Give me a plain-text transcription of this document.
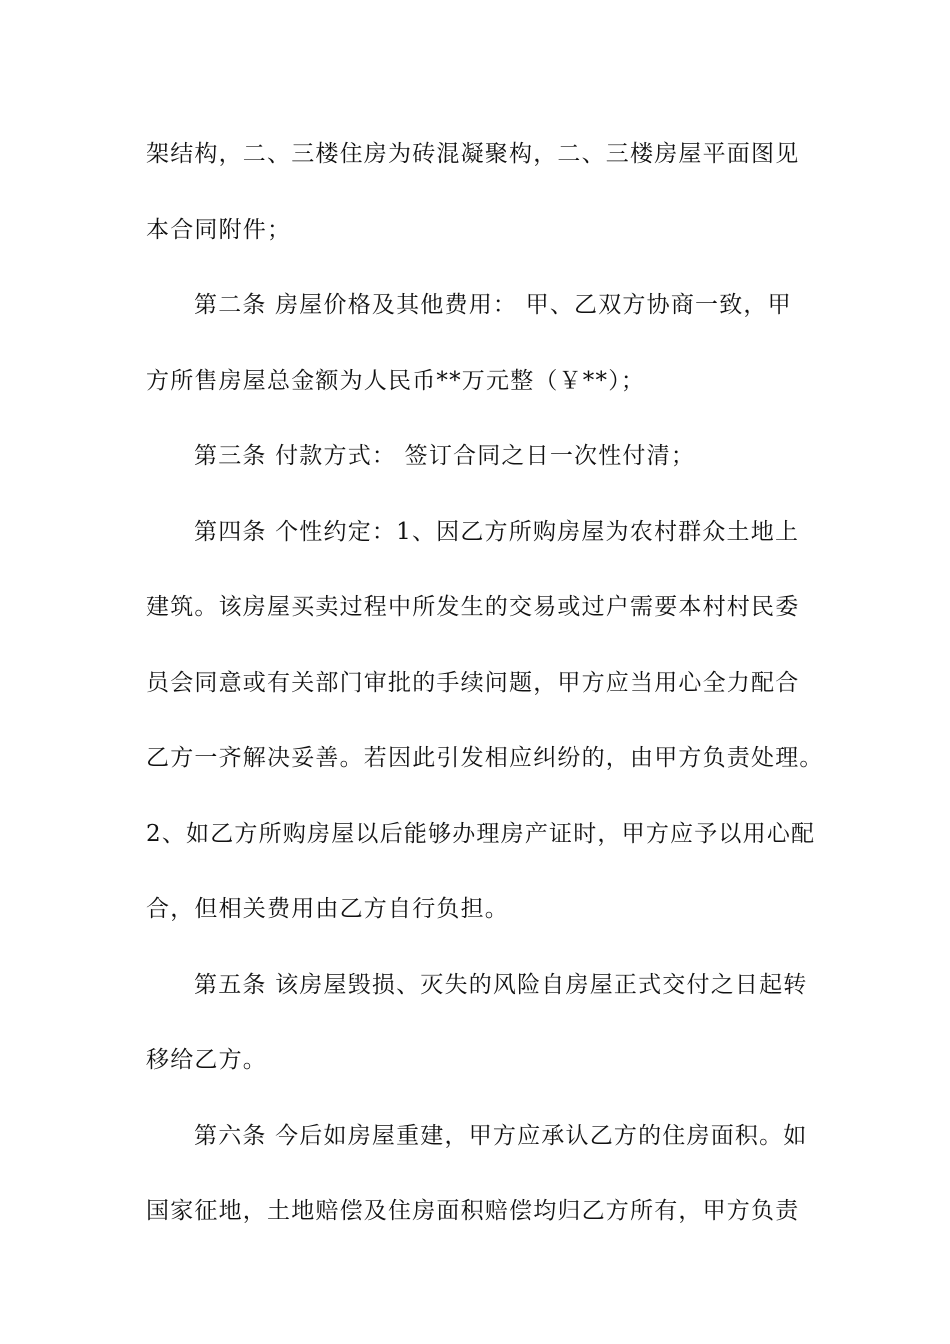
架结构，二、三楼住房为砖混凝聚构，二、三楼房屋平面图见
本合同附件；
第二条 房屋价格及其他费用： 甲、乙双方协商一致，甲
方所售房屋总金额为人民币**万元整（￥**）；
第三条 付款方式： 签订合同之日一次性付清；
第四条 个性约定：1、因乙方所购房屋为农村群众土地上
建筑。该房屋买卖过程中所发生的交易或过户需要本村村民委
员会同意或有关部门审批的手续问题，甲方应当用心全力配合
乙方一齐解决妥善。若因此引发相应纠纷的，由甲方负责处理。
2、如乙方所购房屋以后能够办理房产证时，甲方应予以用心配
合，但相关费用由乙方自行负担。
第五条 该房屋毁损、灭失的风险自房屋正式交付之日起转
移给乙方。
第六条 今后如房屋重建，甲方应承认乙方的住房面积。如
国家征地，土地赔偿及住房面积赔偿均归乙方所有，甲方负责
